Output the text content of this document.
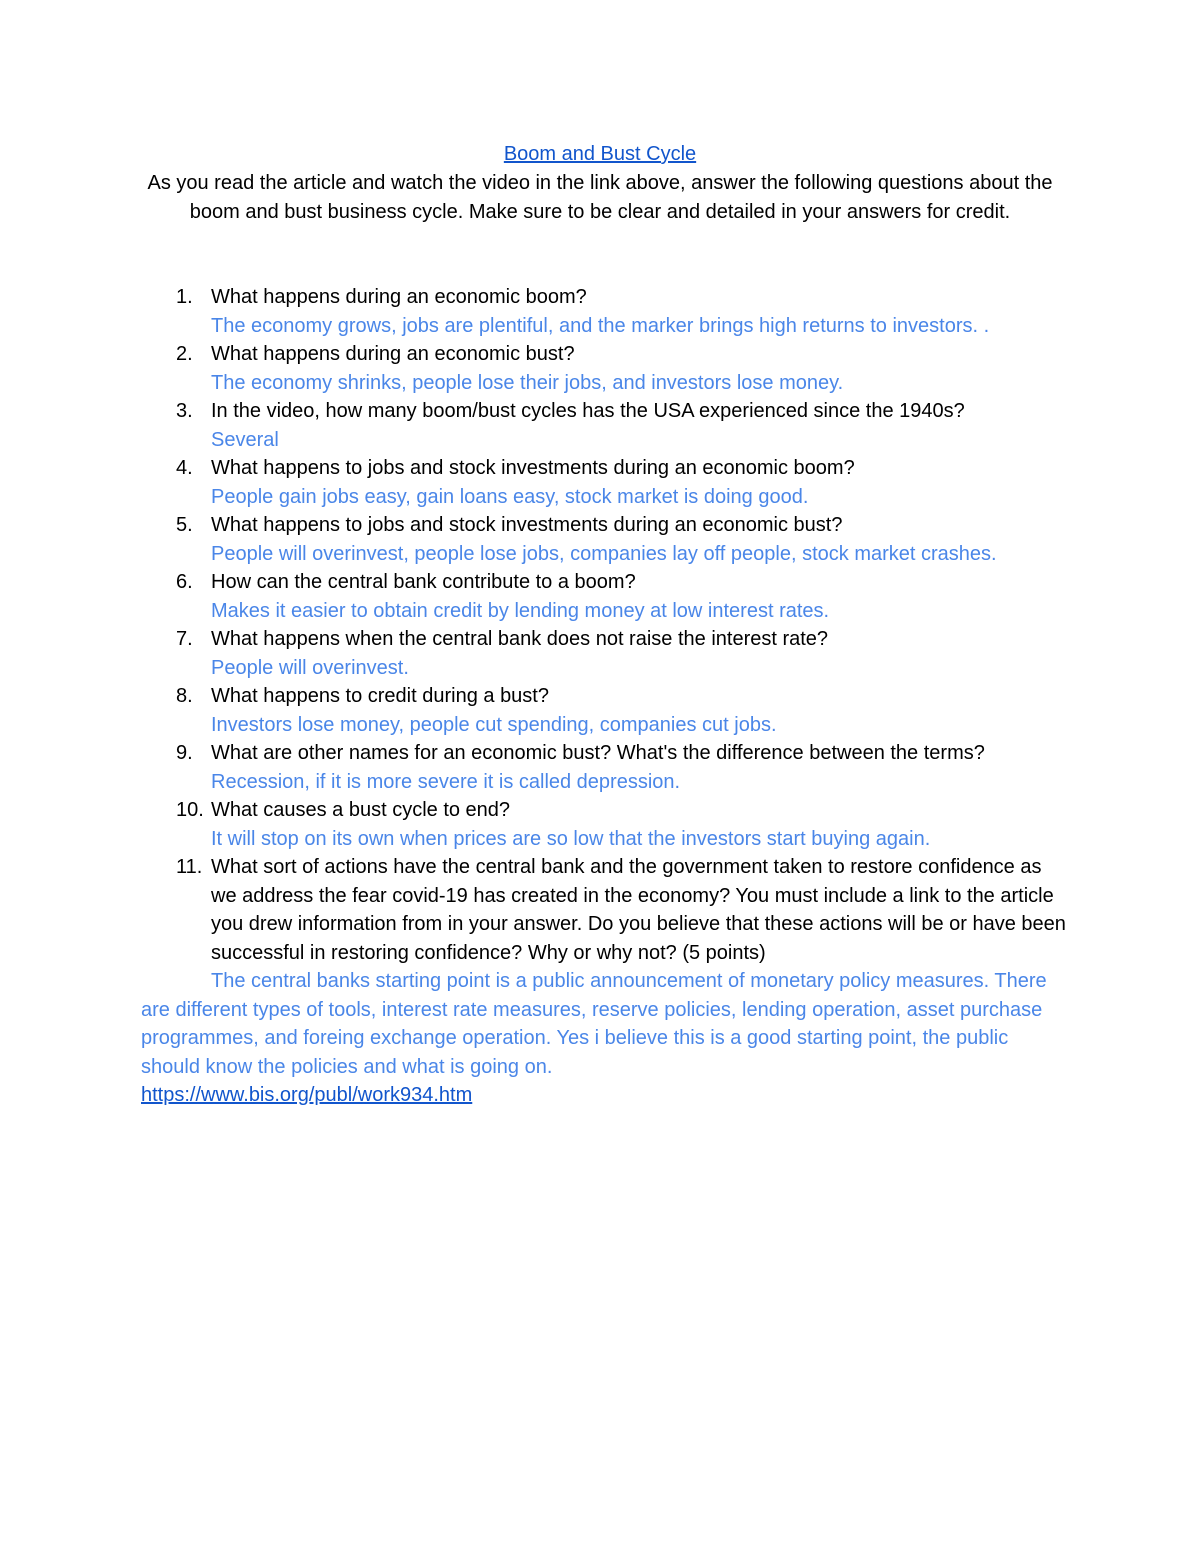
Boom and Bust Cycle
As you read the article and watch the video in the link above, answer the following questions about the boom and bust business cycle. Make sure to be clear and detailed in your answers for credit.
1. What happens during an economic boom?
The economy grows, jobs are plentiful, and the marker brings high returns to investors. .
2. What happens during an economic bust?
The economy shrinks, people lose their jobs, and investors lose money.
3. In the video, how many boom/bust cycles has the USA experienced since the 1940s?
Several
4. What happens to jobs and stock investments during an economic boom?
People gain jobs easy, gain loans easy, stock market is doing good.
5. What happens to jobs and stock investments during an economic bust?
People will overinvest, people lose jobs, companies lay off people, stock market crashes.
6. How can the central bank contribute to a boom?
Makes it easier to obtain credit by lending money at low interest rates.
7. What happens when the central bank does not raise the interest rate?
People will overinvest.
8. What happens to credit during a bust?
Investors lose money, people cut spending, companies cut jobs.
9. What are other names for an economic bust? What's the difference between the terms?
Recession, if it is more severe it is called depression.
10. What causes a bust cycle to end?
It will stop on its own when prices are so low that the investors start buying again.
11. What sort of actions have the central bank and the government taken to restore confidence as we address the fear covid-19 has created in the economy? You must include a link to the article you drew information from in your answer. Do you believe that these actions will be or have been successful in restoring confidence? Why or why not? (5 points)
The central banks starting point is a public announcement of monetary policy measures. There are different types of tools, interest rate measures, reserve policies, lending operation, asset purchase programmes, and foreing exchange operation. Yes i believe this is a good starting point, the public should know the policies and what is going on.
https://www.bis.org/publ/work934.htm
